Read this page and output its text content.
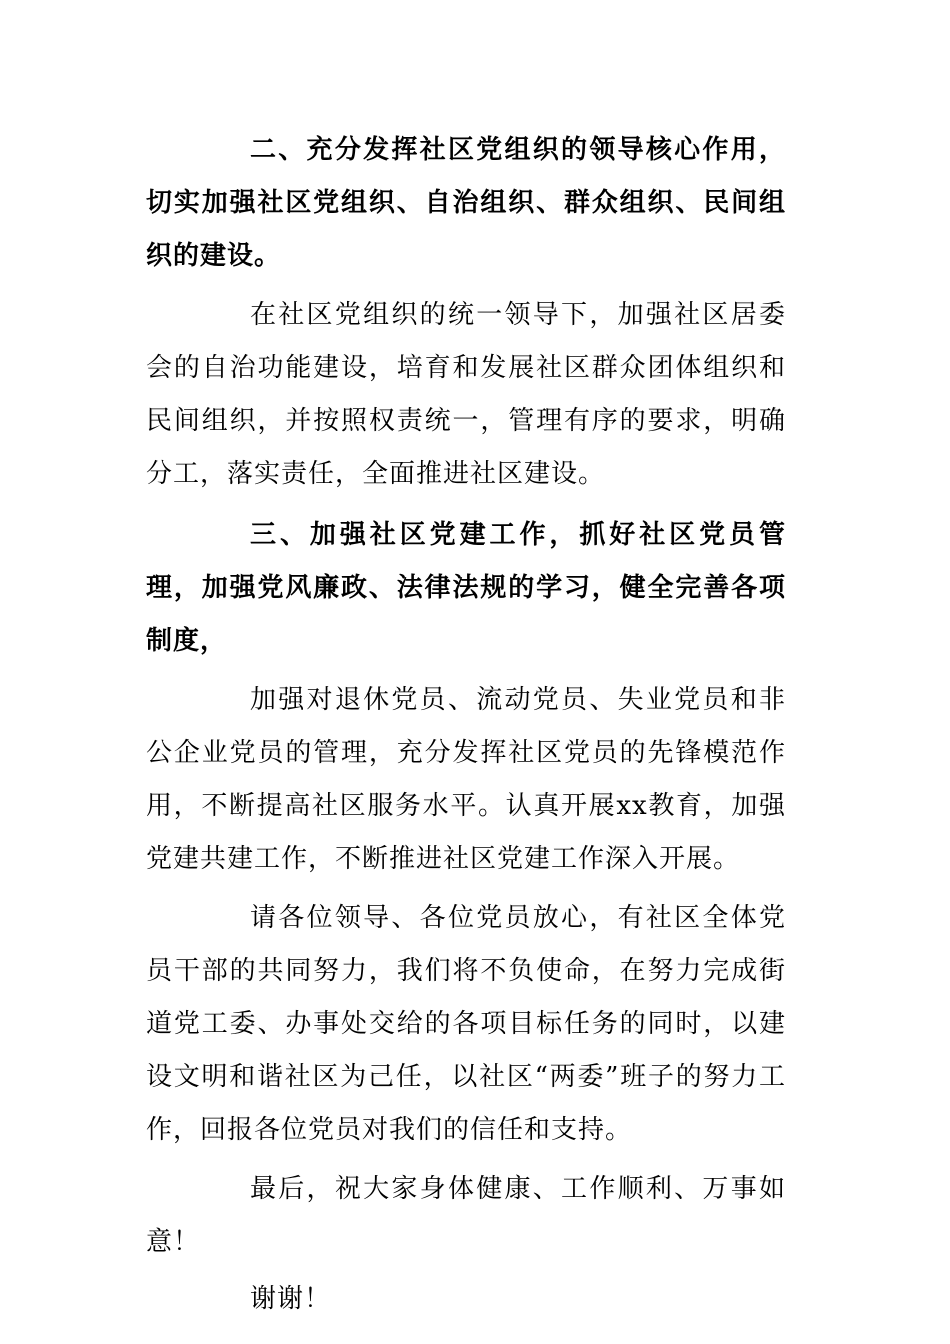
二、充分发挥社区党组织的领导核心作用，切实加强社区党组织、自治组织、群众组织、民间组织的建设。

在社区党组织的统一领导下，加强社区居委会的自治功能建设，培育和发展社区群众团体组织和民间组织，并按照权责统一，管理有序的要求，明确分工，落实责任，全面推进社区建设。

三、加强社区党建工作，抓好社区党员管理，加强党风廉政、法律法规的学习，健全完善各项制度，

加强对退休党员、流动党员、失业党员和非公企业党员的管理，充分发挥社区党员的先锋模范作用，不断提高社区服务水平。认真开展xx教育，加强党建共建工作，不断推进社区党建工作深入开展。

请各位领导、各位党员放心，有社区全体党员干部的共同努力，我们将不负使命，在努力完成街道党工委、办事处交给的各项目标任务的同时，以建设文明和谐社区为己任，以社区“两委”班子的努力工作，回报各位党员对我们的信任和支持。

最后，祝大家身体健康、工作顺利、万事如意！

谢谢！
